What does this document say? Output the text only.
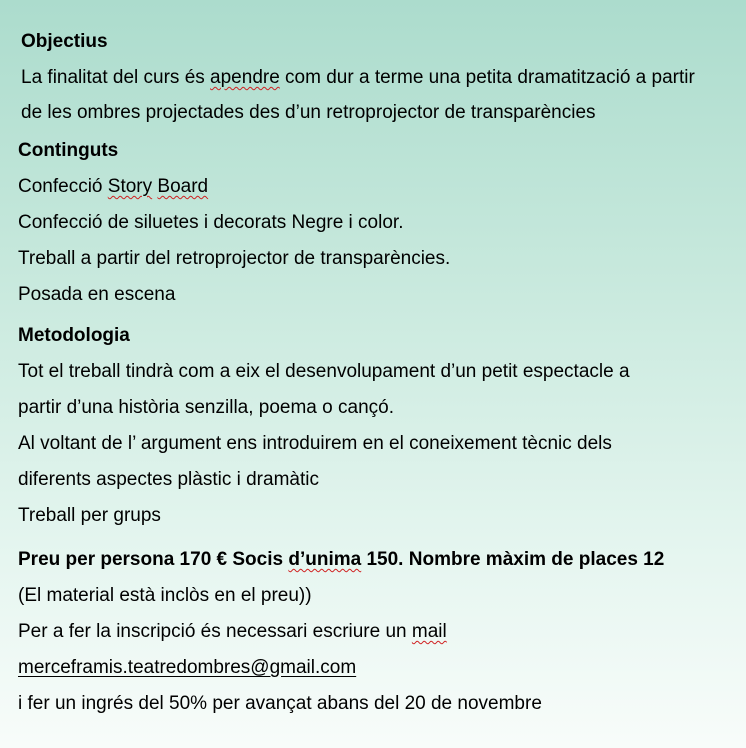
Objectius

La finalitat del curs és apendre com dur a terme una petita dramatització a partir

de les ombres projectades des d’un retroprojector de transparències

Continguts

Confecció Story Board

Confecció de siluetes i decorats Negre i color.

Treball a partir del retroprojector de transparències.

Posada en escena

Metodologia

Tot el treball tindrà com a eix el desenvolupament d’un petit espectacle a

partir d’una història senzilla, poema o cançó.

Al voltant de l’ argument ens introduirem en el coneixement tècnic dels

diferents aspectes plàstic i dramàtic

Treball per grups

Preu per persona 170 € Socis d’unima 150. Nombre màxim de places 12

(El material està inclòs en el preu))

Per a fer la inscripció és necessari escriure un mail

merceframis.teatredombres@gmail.com

i fer un ingrés del 50% per avançat abans del 20 de novembre
